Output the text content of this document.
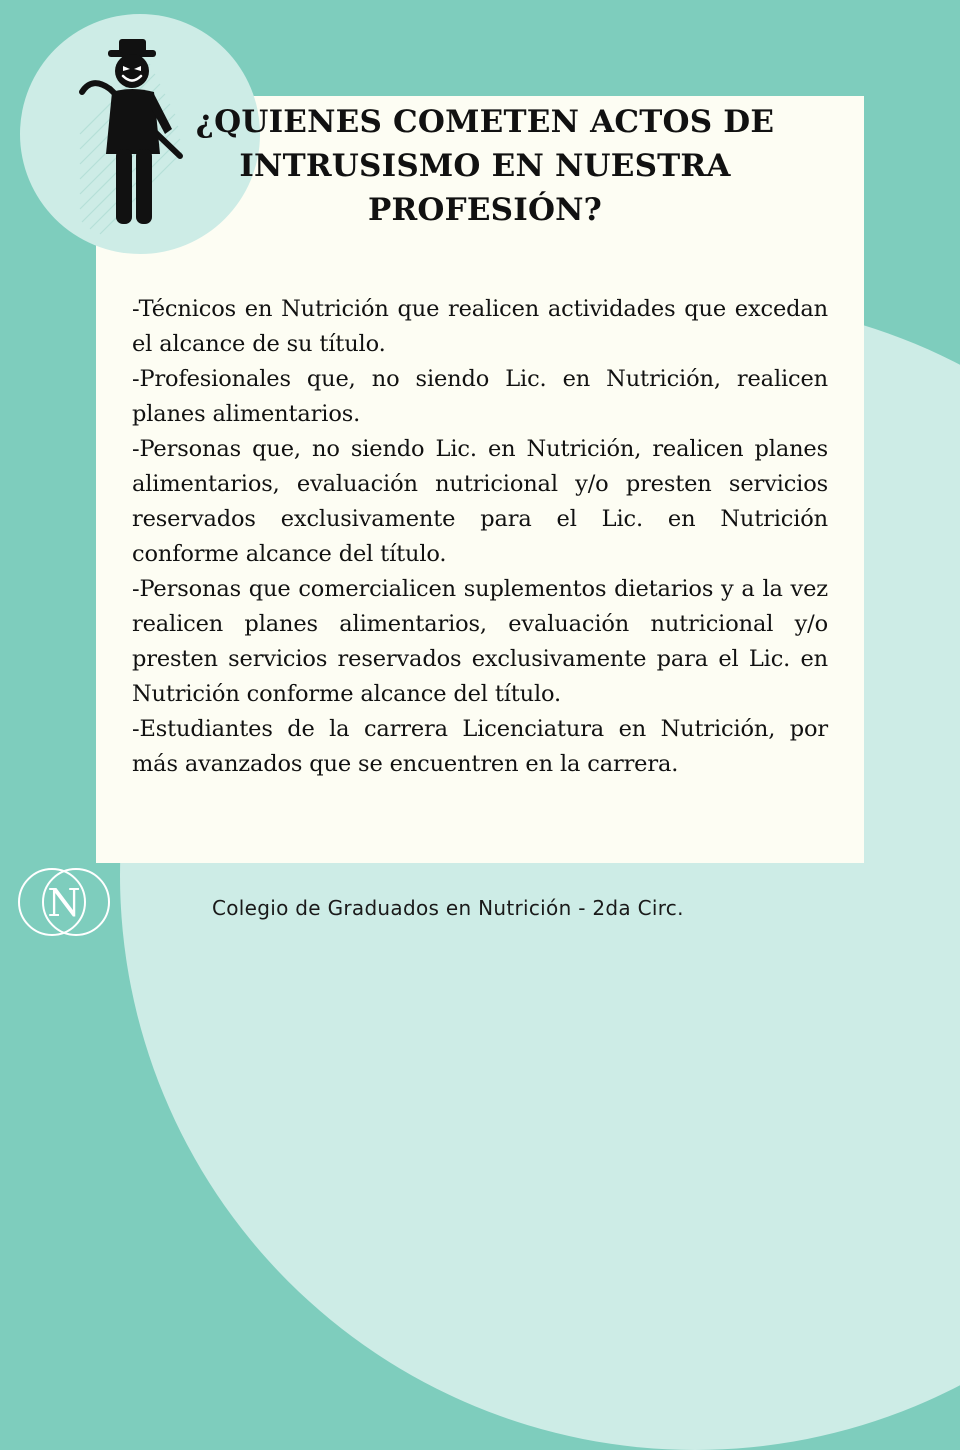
¿QUIENES COMETEN ACTOS DE INTRUSISMO EN NUESTRA PROFESIÓN?
-Técnicos en Nutrición que realicen actividades que excedan el alcance de su título.
-Profesionales que, no siendo Lic. en Nutrición, realicen planes alimentarios.
-Personas que, no siendo Lic. en Nutrición, realicen planes alimentarios, evaluación nutricional y/o presten servicios reservados exclusivamente para el Lic. en Nutrición conforme alcance del título.
-Personas que comercialicen suplementos dietarios y a la vez realicen planes alimentarios, evaluación nutricional y/o presten servicios reservados exclusivamente para el Lic. en Nutrición conforme alcance del título.
-Estudiantes de la carrera Licenciatura en Nutrición, por más avanzados que se encuentren en la carrera.
N	Colegio de Graduados en Nutrición - 2da Circ.
